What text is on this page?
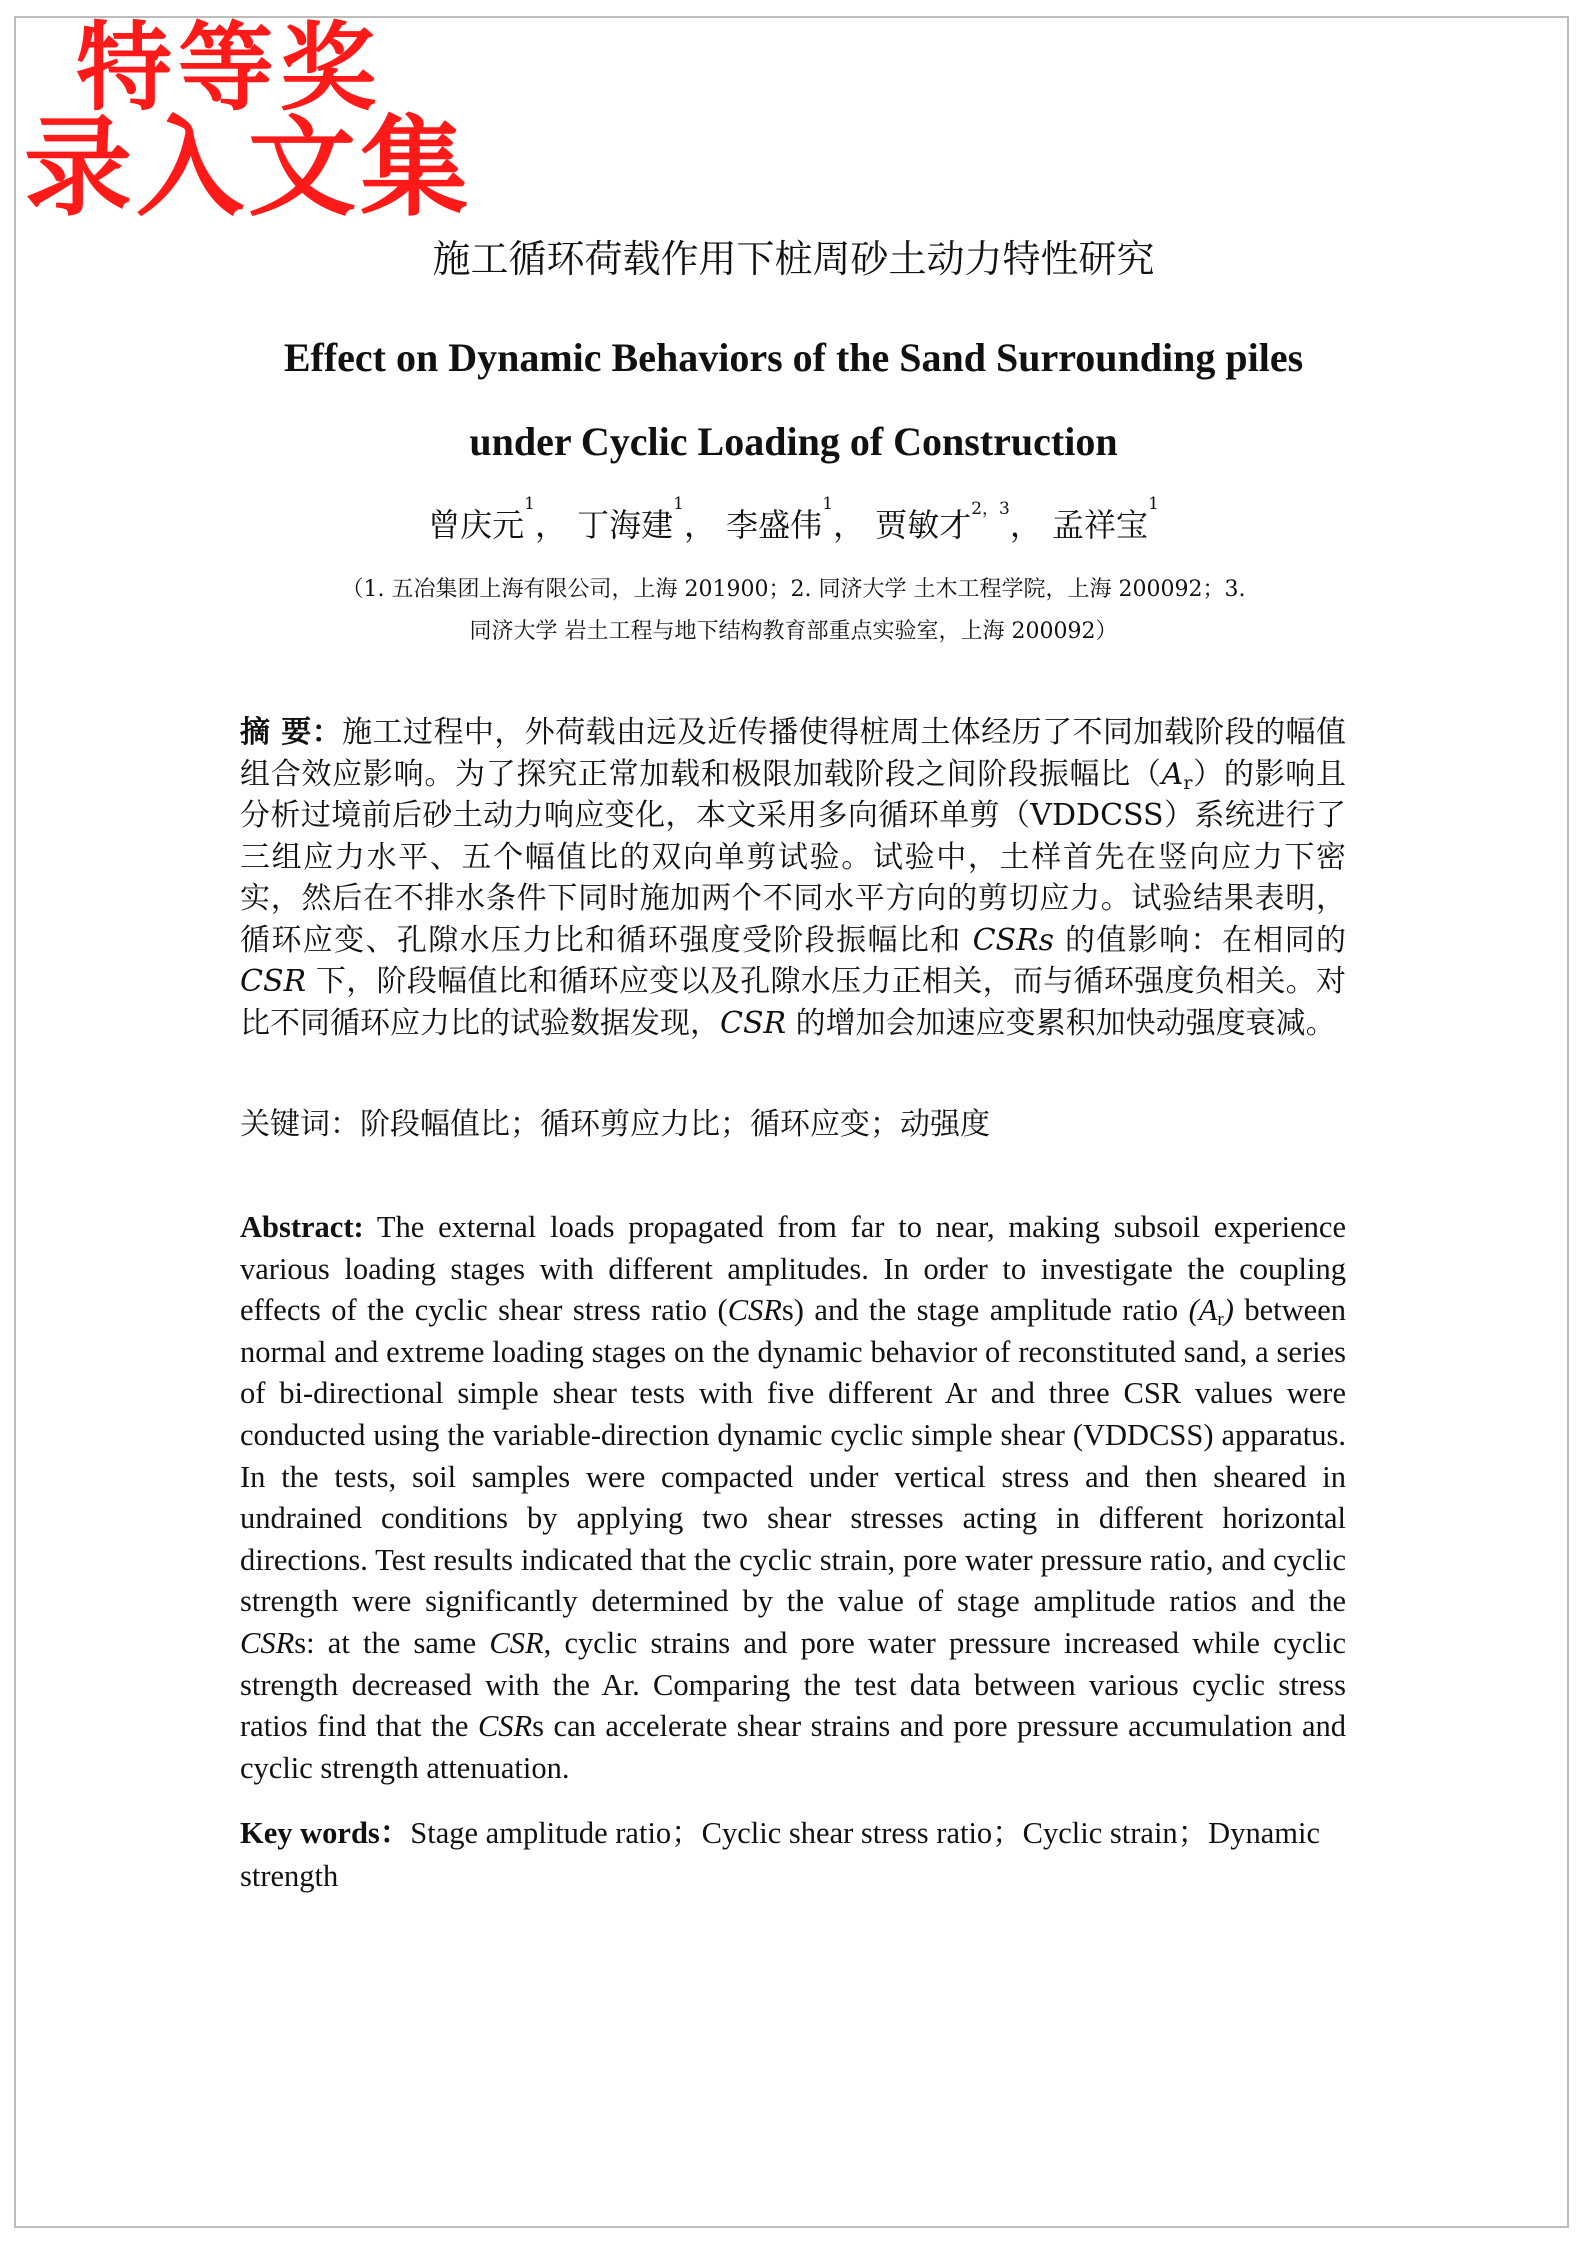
特等奖
录入文集
施工循环荷载作用下桩周砂土动力特性研究
Effect on Dynamic Behaviors of the Sand Surrounding piles
under Cyclic Loading of Construction
曾庆元$^1$， 丁海建$^1$， 李盛伟$^1$， 贾敏才$^{2,3}$， 孟祥宝$^1$
（1. 五冶集团上海有限公司，上海 201900；2. 同济大学 土木工程学院，上海 200092；3.
同济大学 岩土工程与地下结构教育部重点实验室，上海 200092）
摘 要：施工过程中，外荷载由远及近传播使得桩周土体经历了不同加载阶段的幅值组合效应影响。为了探究正常加载和极限加载阶段之间阶段振幅比$(A_r)$的影响且分析过境前后砂土动力响应变化，本文采用多向循环单剪（VDDCSS）系统进行了三组应力水平、五个幅值比的双向单剪试验。试验中，土样首先在竖向应力下密实，然后在不排水条件下同时施加两个不同水平方向的剪切应力。试验结果表明，循环应变、孔隙水压力比和循环强度受阶段振幅比和 CSRs 的值影响：在相同的 CSR 下，阶段幅值比和循环应变以及孔隙水压力正相关，而与循环强度负相关。对比不同循环应力比的试验数据发现，CSR 的增加会加速应变累积加快动强度衰减。
关键词：阶段幅值比；循环剪应力比；循环应变；动强度
Abstract: The external loads propagated from far to near, making subsoil experience various loading stages with different amplitudes. In order to investigate the coupling effects of the cyclic shear stress ratio (CSRs) and the stage amplitude ratio $(A_r)$ between normal and extreme loading stages on the dynamic behavior of reconstituted sand, a series of bi-directional simple shear tests with five different Ar and three CSR values were conducted using the variable-direction dynamic cyclic simple shear (VDDCSS) apparatus. In the tests, soil samples were compacted under vertical stress and then sheared in undrained conditions by applying two shear stresses acting in different horizontal directions. Test results indicated that the cyclic strain, pore water pressure ratio, and cyclic strength were significantly determined by the value of stage amplitude ratios and the CSRs: at the same CSR, cyclic strains and pore water pressure increased while cyclic strength decreased with the Ar. Comparing the test data between various cyclic stress ratios find that the CSRs can accelerate shear strains and pore pressure accumulation and cyclic strength attenuation.
Key words：Stage amplitude ratio；Cyclic shear stress ratio；Cyclic strain；Dynamic strength
